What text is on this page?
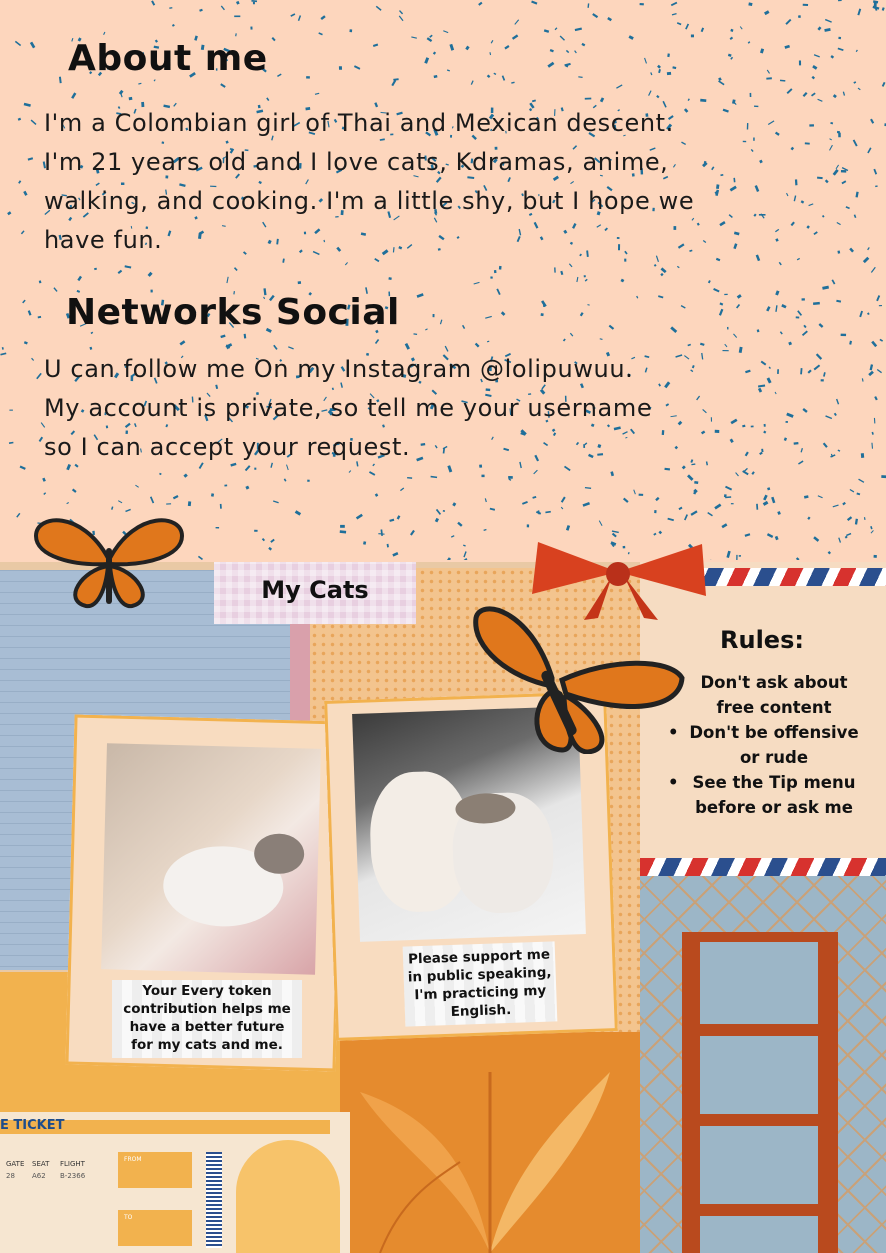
About me
I'm a Colombian girl of Thai and Mexican descent.
I'm 21 years old and I love cats, Kdramas, anime,
walking, and cooking. I'm a little shy, but I hope we
have fun.
Networks Social
U can follow me On my Instagram @lolipuwuu.
My account is private, so tell me your username
so I can accept your request.
E TICKET
GATE
28
SEAT
A62
FLIGHT
B-2366
FROM
TO
Your Every token
contribution helps me
have a better future
for my cats and me.
Please support me
in public speaking,
I'm practicing my
English.
My Cats
Rules:
Don't ask about
free content
• Don't be offensive
or rude
• See the Tip menu
before or ask me
